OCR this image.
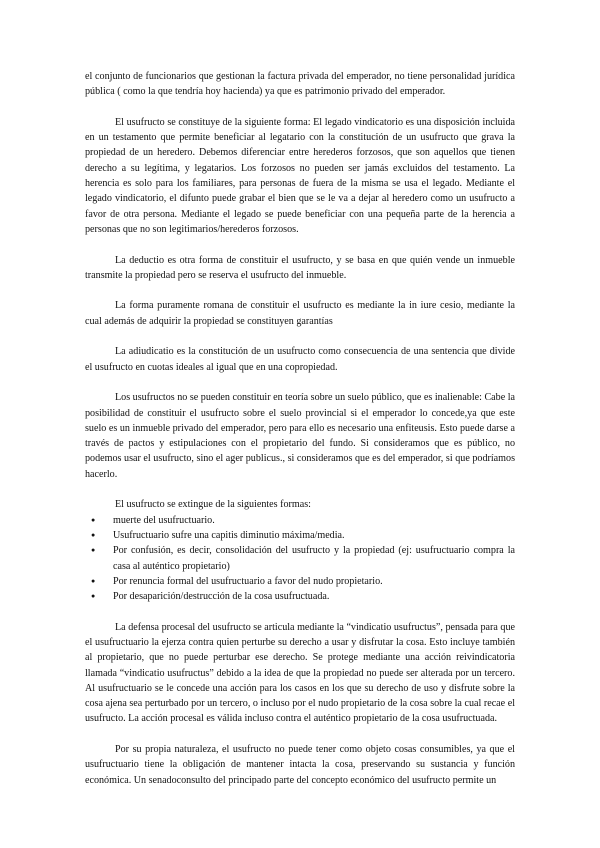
el conjunto de funcionarios que gestionan la factura privada del emperador, no tiene personalidad jurídica pública ( como la que tendría hoy hacienda) ya que es patrimonio privado del emperador.

El usufructo se constituye de la siguiente forma: El legado vindicatorio es una disposición incluida en un testamento que permite beneficiar al legatario con la constitución de un usufructo que grava la propiedad de un heredero. Debemos diferenciar entre herederos forzosos, que son aquellos que tienen derecho a su legítima, y legatarios. Los forzosos no pueden ser jamás excluidos del testamento. La herencia es solo para los familiares, para personas de fuera de la misma se usa el legado. Mediante el legado vindicatorio, el difunto puede grabar el bien que se le va a dejar al heredero como un usufructo a favor de otra persona. Mediante el legado se puede beneficiar con una pequeña parte de la herencia a personas que no son legitimarios/herederos forzosos.

La deductio es otra forma de constituir el usufructo, y se basa en que quién vende un inmueble transmite la propiedad pero se reserva el usufructo del inmueble.

La forma puramente romana de constituir el usufructo es mediante la in iure cesio, mediante la cual además de adquirir la propiedad se constituyen garantías

La adiudicatio es la constitución de un usufructo como consecuencia de una sentencia que divide el usufructo en cuotas ideales al igual que en una copropiedad.

Los usufructos no se pueden constituir en teoría sobre un suelo público, que es inalienable: Cabe la posibilidad de constituir el usufructo sobre el suelo provincial si el emperador lo concede,ya que este suelo es un inmueble privado del emperador, pero para ello es necesario una enfiteusis. Esto puede darse a través de pactos y estipulaciones con el propietario del fundo. Si consideramos que es público, no podemos usar el usufructo, sino el ager publicus., si consideramos que es del emperador, si que podríamos hacerlo.

El usufructo se extingue de la siguientes formas:

● muerte del usufructuario.
● Usufructuario sufre una capitis diminutio máxima/media.
● Por confusión, es decir, consolidación del usufructo y la propiedad (ej: usufructuario compra la casa al auténtico propietario)
● Por renuncia formal del usufructuario a favor del nudo propietario.
● Por desaparición/destrucción de la cosa usufructuada.

La defensa procesal del usufructo se articula mediante la “vindicatio usufructus”, pensada para que el usufructuario la ejerza contra quien perturbe su derecho a usar y disfrutar la cosa. Esto incluye también al propietario, que no puede perturbar ese derecho. Se protege mediante una acción reivindicatoria llamada “vindicatio usufructus” debido a la idea de que la propiedad no puede ser alterada por un tercero. Al usufructuario se le concede una acción para los casos en los que su derecho de uso y disfrute sobre la cosa ajena sea perturbado por un tercero, o incluso por el nudo propietario de la cosa sobre la cual recae el usufructo. La acción procesal es válida incluso contra el auténtico propietario de la cosa usufructuada.

Por su propia naturaleza, el usufructo no puede tener como objeto cosas consumibles, ya que el usufructuario tiene la obligación de mantener intacta la cosa, preservando su sustancia y función económica. Un senadoconsulto del principado parte del concepto económico del usufructo permite un
